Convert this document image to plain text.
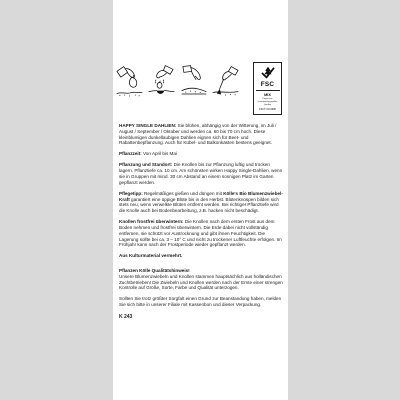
FSC
MIX
Papier aus verantwortungsvollen Quellen
FSC® C114686

HAPPY SINGLE DAHLIEN: Sie blühen, abhängig von der Witterung, im Juli / August / September / Oktober und werden ca. 60 bis 70 cm hoch. Diese kleinblumigen dunkellaubigen Dahlien eignen sich für Beet- und Rabattenbepflanzung. Auch für Kübel- und Balkonkästen bestens geeignet.

Pflanzzeit: Von April bis Mai

Pflanzung und Standort: Die Knollen bis zur Pflanzung luftig und trocken lagern. Pflanztiefe ca. 10 cm. Am schönsten wirken Happy Single-Dahlien, wenn sie in Gruppen mit mind. 30 cm Abstand an einem sonnigen Platz im Garten gepflanzt werden.

Pflegetipp: Regelmäßiges gießen und düngen mit Kölle's Bio Blumenzwiebel-Kraft garantiert eine üppige Blüte bis in den Herbst. Blütenknospen bilden sich stets neu, wenn verwelkte Blüten entfernt werden. Bei richtiger Pflanztiefe wird die Knolle auch bei Bodenbearbeitung, z.B. hacken nicht beschädigt.

Knollen frostfrei überwintern: Die Knollen nach dem ersten Frost aus dem Boden nehmen und frostfrei überwintern. Die Erde dabei nicht vollständig entfernen, sie schützt vor Austrocknung und gibt ihnen Feuchtigkeit. Die Lagerung sollte bei ca. 3 – 10° C und nicht zu trockener Luftfeuchte erfolgen. Im Frühjahr kann nach der Frostperiode wieder gepflanzt werden.

Aus Kulturmaterial vermehrt.

Pflanzen Kölle Qualitätshinweis!
Unsere Blumenzwiebeln und Knollen stammen hauptsächlich aus holländischen Zuchtbetrieben! Die Zwiebeln und Knollen werden nach der Ernte einer strengen Kontrolle auf Größe, Sorte, Farbe und Qualität unterzogen.

Sollten Sie trotz größter Sorgfalt einen Grund zur Beanstandung haben, melden Sie sich bitte in unserer Filiale mit Kassenbon und dieser Verpackung.

K 243
